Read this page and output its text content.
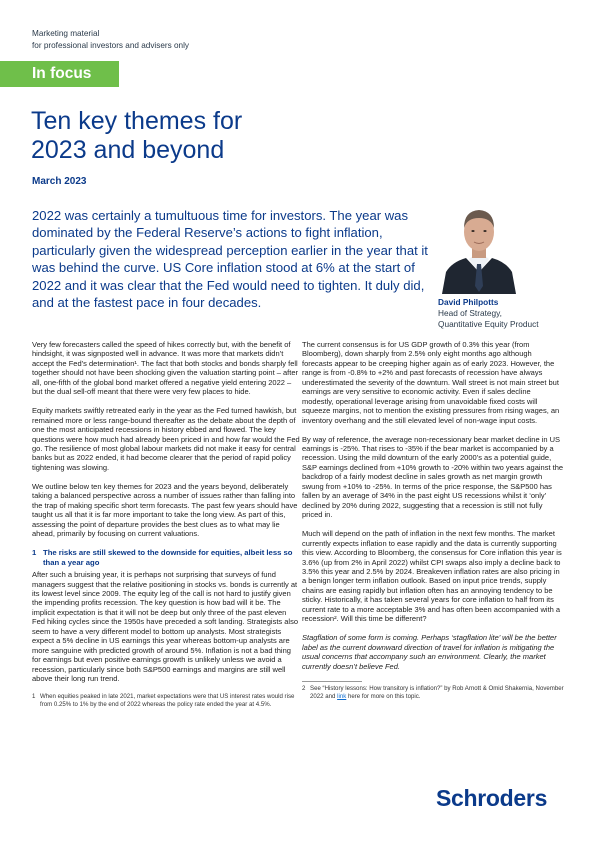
Marketing material
for professional investors and advisers only
In focus
Ten key themes for
2023 and beyond
March 2023
2022 was certainly a tumultuous time for investors. The year was dominated by the Federal Reserve’s actions to fight inflation, particularly given the widespread perception earlier in the year that it was behind the curve. US Core inflation stood at 6% at the start of 2022 and it was clear that the Fed would need to tighten. It duly did, and at the fastest pace in four decades.	David Philpotts
Head of Strategy,
Quantitative Equity Product

Very few forecasters called the speed of hikes correctly but, with the benefit of hindsight, it was signposted well in advance. It was more that markets didn’t accept the Fed’s determination¹. The fact that both stocks and bonds sharply fell together should not have been shocking given the valuation starting point – after all, one-fifth of the global bond market offered a negative yield entering 2022 – but the dual sell-off meant that there were very few places to hide.

Equity markets swiftly retreated early in the year as the Fed turned hawkish, but remained more or less range-bound thereafter as the debate about the depth of one the most anticipated recessions in history ebbed and flowed. The key questions were how much had already been priced in and how far would the Fed go. The resilience of most global labour markets did not make it easy for central banks but as 2022 ended, it had become clearer that the period of rapid policy tightening was slowing.

We outline below ten key themes for 2023 and the years beyond, deliberately taking a balanced perspective across a number of issues rather than falling into the trap of making specific short term forecasts. The past few years should have taught us all that it is far more important to take the long view. As part of this, assessing the point of departure provides the best clues as to what may lie ahead, primarily by focusing on current valuations.

1 The risks are still skewed to the downside for equities, albeit less so than a year ago

After such a bruising year, it is perhaps not surprising that surveys of fund managers suggest that the relative positioning in stocks vs. bonds is currently at its lowest level since 2009. The equity leg of the call is not hard to justify given the impending profits recession. The key question is how bad will it be. The implicit expectation is that it will not be deep but only three of the past eleven Fed hiking cycles since the 1950s have preceded a soft landing. Strategists also seem to have a very different model to bottom up analysts. Most strategists expect a 5% decline in US earnings this year whereas bottom-up analysts are more sanguine with predicted growth of around 5%. Inflation is not a bad thing for earnings but even positive earnings growth is unlikely unless we avoid a recession, particularly since both S&P500 earnings and margins are still well above their long run trend.

1 When equities peaked in late 2021, market expectations were that US interest rates would rise from 0.25% to 1% by the end of 2022 whereas the policy rate ended the year at 4.5%.

The current consensus is for US GDP growth of 0.3% this year (from Bloomberg), down sharply from 2.5% only eight months ago although forecasts appear to be creeping higher again as of early 2023. However, the range is from -0.8% to +2% and past forecasts of recession have always underestimated the severity of the downturn. Wall street is not main street but earnings are very sensitive to economic activity. Even if sales decline modestly, operational leverage arising from unavoidable fixed costs will squeeze margins, not to mention the existing pressures from rising wages, an inventory overhang and the still elevated level of non-wage input costs.

By way of reference, the average non-recessionary bear market decline in US earnings is -25%. That rises to -35% if the bear market is accompanied by a recession. Using the mild downturn of the early 2000’s as a potential guide, S&P earnings declined from +10% growth to -20% within two years against the backdrop of a fairly modest decline in sales growth as net margin growth swung from +10% to -25%. In terms of the price response, the S&P500 has fallen by an average of 34% in the past eight US recessions whilst it ‘only’ declined by 20% during 2022, suggesting that a recession is still not fully priced in.

Much will depend on the path of inflation in the next few months. The market currently expects inflation to ease rapidly and the data is currently supporting this view. According to Bloomberg, the consensus for Core inflation this year is 3.6% (up from 2% in April 2022) whilst CPI swaps also imply a decline back to 3.5% this year and 2.5% by 2024. Breakeven inflation rates are also pricing in a benign longer term inflation outlook. Based on input price trends, supply chains are easing rapidly but inflation often has an annoying tendency to be sticky. Historically, it has taken several years for core inflation to half from its current rate to a more acceptable 3% and has often been accompanied with a recession². Will this time be different?

Stagflation of some form is coming. Perhaps ‘stagflation lite’ will be the better label as the current downward direction of travel for inflation is mitigating the usual concerns that accompany such an environment. Clearly, the market currently doesn’t believe Fed.

2 See “History lessons: How transitory is inflation?” by Rob Arnott & Omid Shakernia, November 2022 and link here for more on this topic.
Schroders
